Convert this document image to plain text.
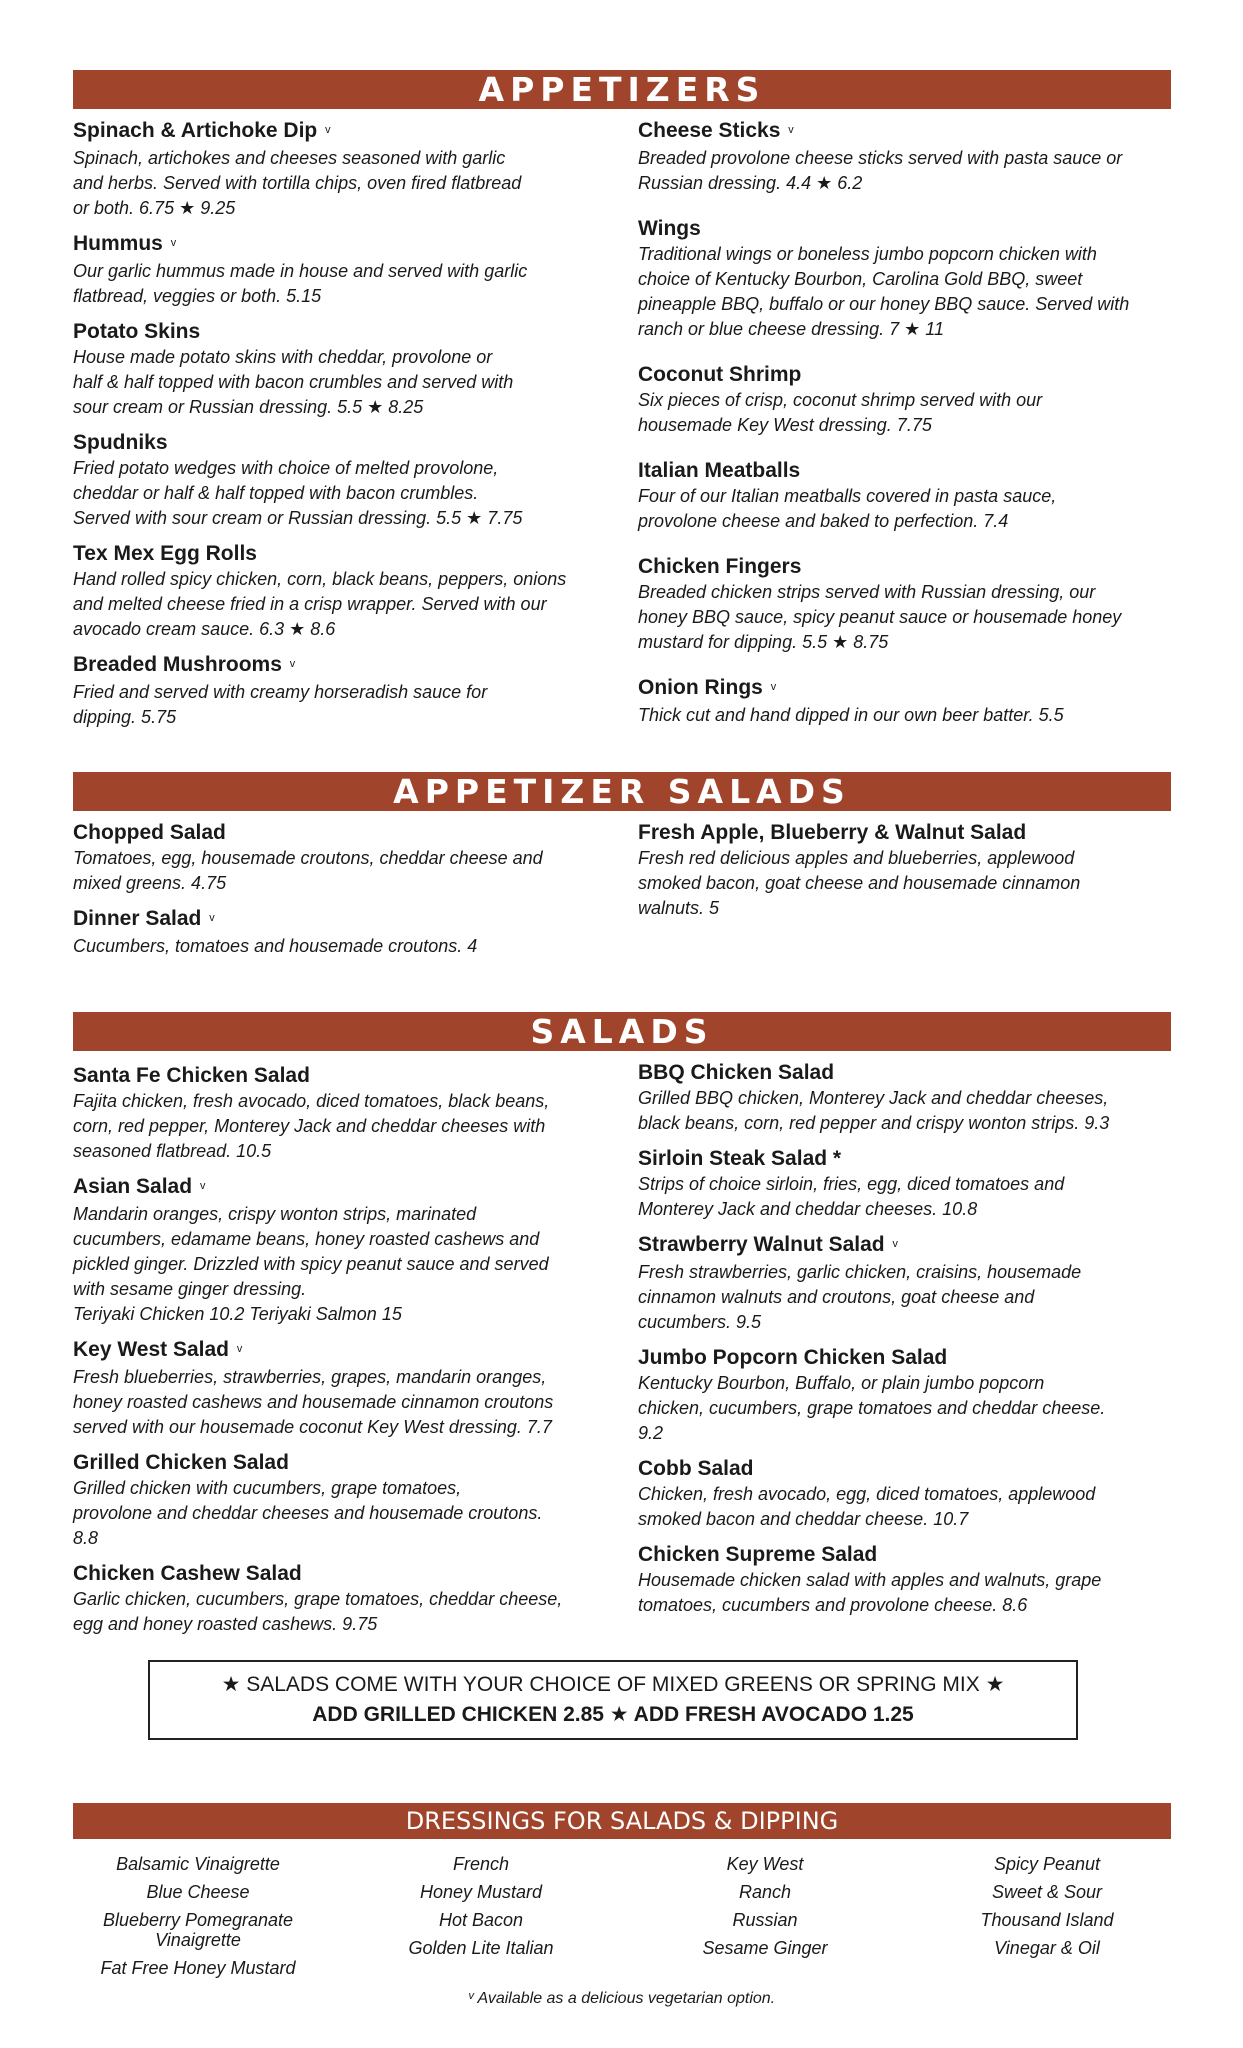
APPETIZERS
Spinach & Artichoke Dip ᵛ
Spinach, artichokes and cheeses seasoned with garlic
and herbs. Served with tortilla chips, oven fired flatbread
or both. 6.75 ★ 9.25
Hummus ᵛ
Our garlic hummus made in house and served with garlic
flatbread, veggies or both. 5.15
Potato Skins
House made potato skins with cheddar, provolone or
half & half topped with bacon crumbles and served with
sour cream or Russian dressing. 5.5 ★ 8.25
Spudniks
Fried potato wedges with choice of melted provolone,
cheddar or half & half topped with bacon crumbles.
Served with sour cream or Russian dressing. 5.5 ★ 7.75
Tex Mex Egg Rolls
Hand rolled spicy chicken, corn, black beans, peppers, onions
and melted cheese fried in a crisp wrapper. Served with our
avocado cream sauce. 6.3 ★ 8.6
Breaded Mushrooms ᵛ
Fried and served with creamy horseradish sauce for
dipping. 5.75
Cheese Sticks ᵛ
Breaded provolone cheese sticks served with pasta sauce or
Russian dressing. 4.4 ★ 6.2
Wings
Traditional wings or boneless jumbo popcorn chicken with
choice of Kentucky Bourbon, Carolina Gold BBQ, sweet
pineapple BBQ, buffalo or our honey BBQ sauce. Served with
ranch or blue cheese dressing. 7 ★ 11
Coconut Shrimp
Six pieces of crisp, coconut shrimp served with our
housemade Key West dressing. 7.75
Italian Meatballs
Four of our Italian meatballs covered in pasta sauce,
provolone cheese and baked to perfection. 7.4
Chicken Fingers
Breaded chicken strips served with Russian dressing, our
honey BBQ sauce, spicy peanut sauce or housemade honey
mustard for dipping. 5.5 ★ 8.75
Onion Rings ᵛ
Thick cut and hand dipped in our own beer batter. 5.5
APPETIZER SALADS
Chopped Salad
Tomatoes, egg, housemade croutons, cheddar cheese and
mixed greens. 4.75
Dinner Salad ᵛ
Cucumbers, tomatoes and housemade croutons. 4
Fresh Apple, Blueberry & Walnut Salad
Fresh red delicious apples and blueberries, applewood
smoked bacon, goat cheese and housemade cinnamon
walnuts. 5
SALADS
Santa Fe Chicken Salad
Fajita chicken, fresh avocado, diced tomatoes, black beans,
corn, red pepper, Monterey Jack and cheddar cheeses with
seasoned flatbread. 10.5
Asian Salad ᵛ
Mandarin oranges, crispy wonton strips, marinated
cucumbers, edamame beans, honey roasted cashews and
pickled ginger. Drizzled with spicy peanut sauce and served
with sesame ginger dressing.
Teriyaki Chicken 10.2 Teriyaki Salmon 15
Key West Salad ᵛ
Fresh blueberries, strawberries, grapes, mandarin oranges,
honey roasted cashews and housemade cinnamon croutons
served with our housemade coconut Key West dressing. 7.7
Grilled Chicken Salad
Grilled chicken with cucumbers, grape tomatoes,
provolone and cheddar cheeses and housemade croutons.
8.8
Chicken Cashew Salad
Garlic chicken, cucumbers, grape tomatoes, cheddar cheese,
egg and honey roasted cashews. 9.75
BBQ Chicken Salad
Grilled BBQ chicken, Monterey Jack and cheddar cheeses,
black beans, corn, red pepper and crispy wonton strips. 9.3
Sirloin Steak Salad *
Strips of choice sirloin, fries, egg, diced tomatoes and
Monterey Jack and cheddar cheeses. 10.8
Strawberry Walnut Salad ᵛ
Fresh strawberries, garlic chicken, craisins, housemade
cinnamon walnuts and croutons, goat cheese and
cucumbers. 9.5
Jumbo Popcorn Chicken Salad
Kentucky Bourbon, Buffalo, or plain jumbo popcorn
chicken, cucumbers, grape tomatoes and cheddar cheese.
9.2
Cobb Salad
Chicken, fresh avocado, egg, diced tomatoes, applewood
smoked bacon and cheddar cheese. 10.7
Chicken Supreme Salad
Housemade chicken salad with apples and walnuts, grape
tomatoes, cucumbers and provolone cheese. 8.6
★ SALADS COME WITH YOUR CHOICE OF MIXED GREENS OR SPRING MIX ★
ADD GRILLED CHICKEN 2.85 ★ ADD FRESH AVOCADO 1.25
DRESSINGS FOR SALADS & DIPPING
Balsamic Vinaigrette
Blue Cheese
Blueberry Pomegranate
Vinaigrette
Fat Free Honey Mustard
French
Honey Mustard
Hot Bacon
Golden Lite Italian
Key West
Ranch
Russian
Sesame Ginger
Spicy Peanut
Sweet & Sour
Thousand Island
Vinegar & Oil
ᵛ Available as a delicious vegetarian option.
